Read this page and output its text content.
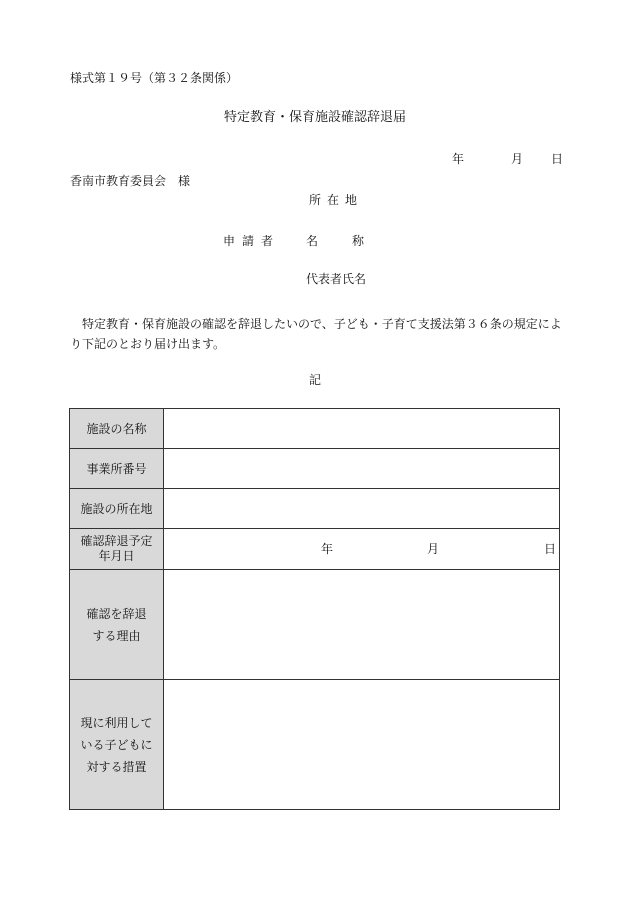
様式第１９号（第３２条関係）
特定教育・保育施設確認辞退届
年	月 日
香南市教育委員会　様
所在地
申請者 名	称
代表者氏名
特定教育・保育施設の確認を辞退したいので、子ども・子育て支援法第３６条の規定により下記のとおり届け出ます。
記
施設の名称	
事業所番号	
施設の所在地	
確認辞退予定
年月日	年 月 日

確認を辞退
する理由	
現に利用して
いる子どもに
対する措置	
